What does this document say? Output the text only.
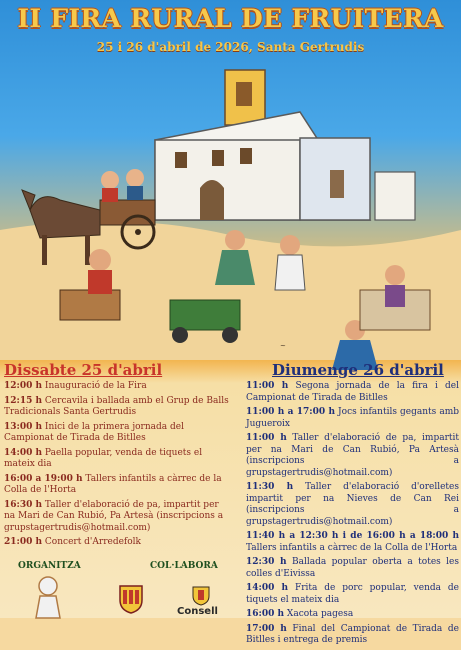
II FIRA RURAL DE FRUITERA
25 i 26 d'abril de 2026, Santa Gertrudis
~
Dissabte 25 d'abril	Diumenge 26 d'abril
12:00 h Inauguració de la Fira
12:15 h Cercavila i ballada amb el Grup de Balls Tradicionals Santa Gertrudis
13:00 h Inici de la primera jornada del Campionat de Tirada de Bitlles
14:00 h Paella popular, venda de tiquets el mateix dia
16:00 a 19:00 h Tallers infantils a càrrec de la Colla de l'Horta
16:30 h Taller d'elaboració de pa, impartit per na Mari de Can Rubió, Pa Artesà (inscripcions a grupstagertrudis@hotmail.com)
21:00 h Concert d'Arredefolk
11:00 h Segona jornada de la fira i del Campionat de Tirada de Bitlles
11:00 h a 17:00 h Jocs infantils gegants amb Jugueroix
11:00 h Taller d'elaboració de pa, impartit per na Mari de Can Rubió, Pa Artesà (inscripcions a grupstagertrudis@hotmail.com)
11:30 h Taller d'elaboració d'orelletes impartit per na Nieves de Can Rei (inscripcions a grupstagertrudis@hotmail.com)
11:40 h a 12:30 h i de 16:00 h a 18:00 h Tallers infantils a càrrec de la Colla de l'Horta
12:30 h Ballada popular oberta a totes les colles d'Eivissa
14:00 h Frita de porc popular, venda de tiquets el mateix dia
16:00 h Xacota pagesa
17:00 h Final del Campionat de Tirada de Bitlles i entrega de premis
ORGANITZA	COL·LABORA
Consell
